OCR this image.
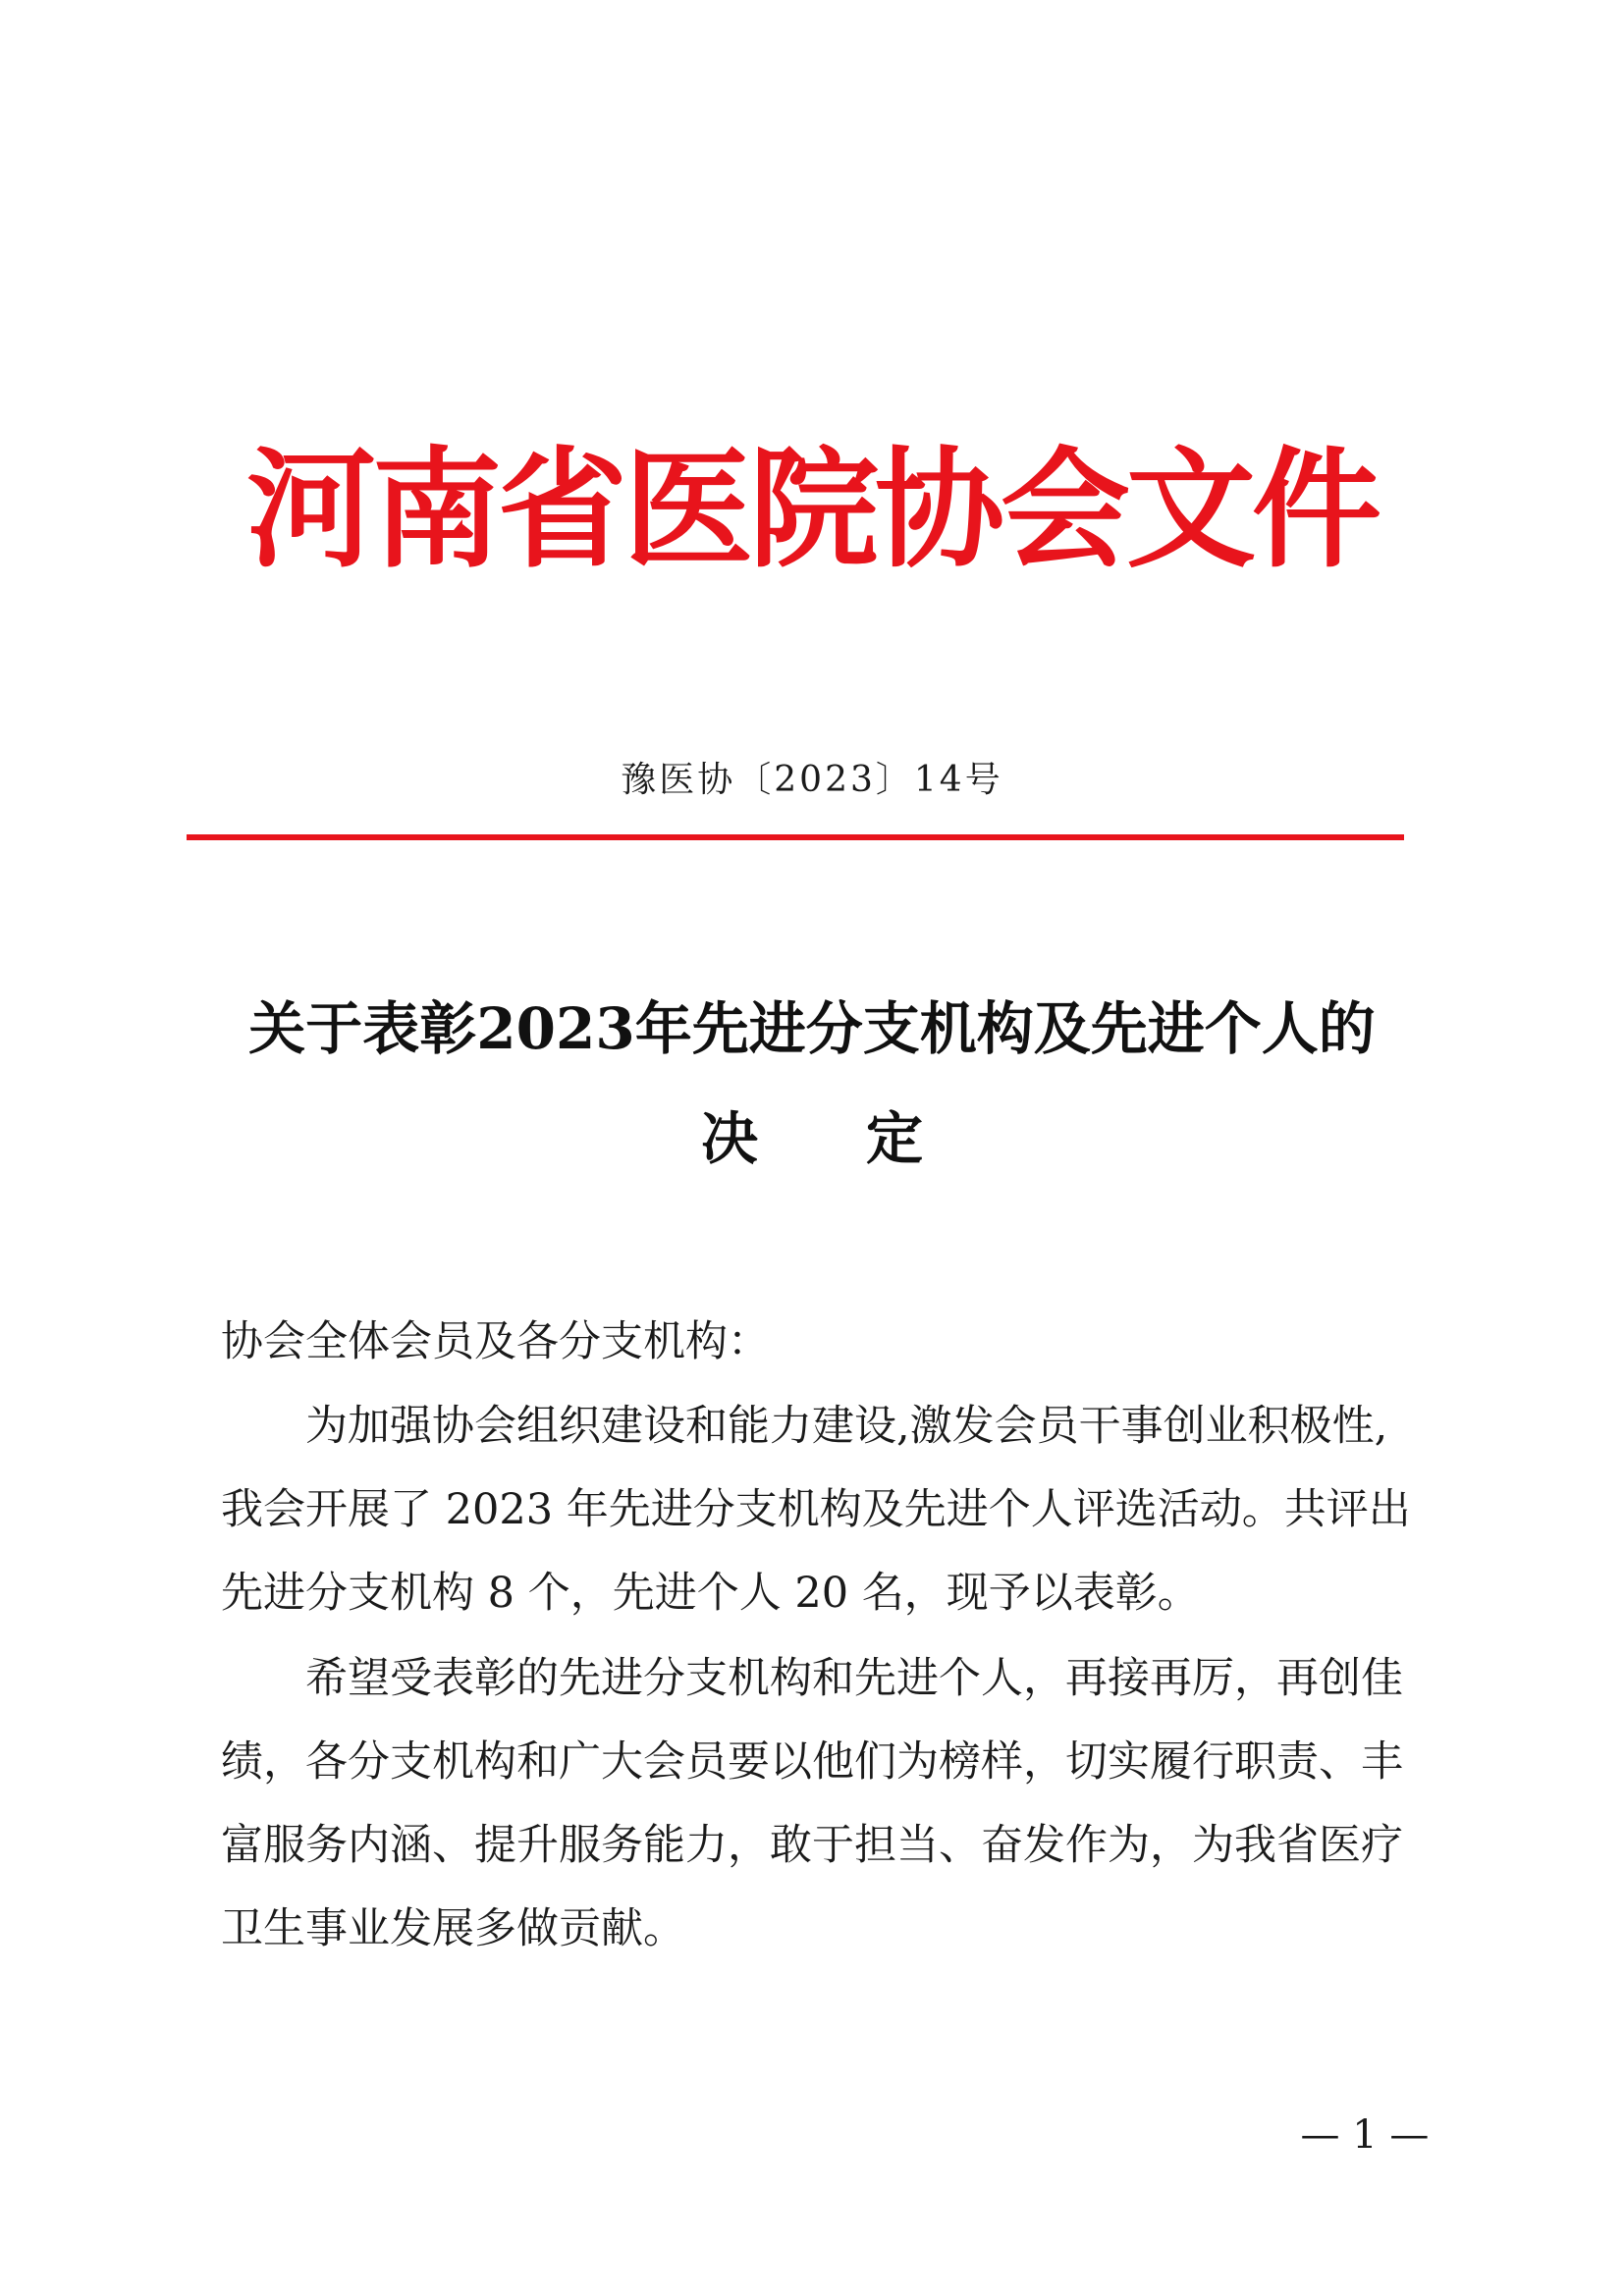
河南省医院协会文件
豫医协〔2023〕14号
关于表彰2023年先进分支机构及先进个人的
决 定
协会全体会员及各分支机构：
为加强协会组织建设和能力建设,激发会员干事创业积极性,
我会开展了 2023 年先进分支机构及先进个人评选活动。共评出
先进分支机构 8 个，先进个人 20 名，现予以表彰。
希望受表彰的先进分支机构和先进个人，再接再厉，再创佳
绩，各分支机构和广大会员要以他们为榜样，切实履行职责、丰
富服务内涵、提升服务能力，敢于担当、奋发作为，为我省医疗
卫生事业发展多做贡献。
— 1 —
